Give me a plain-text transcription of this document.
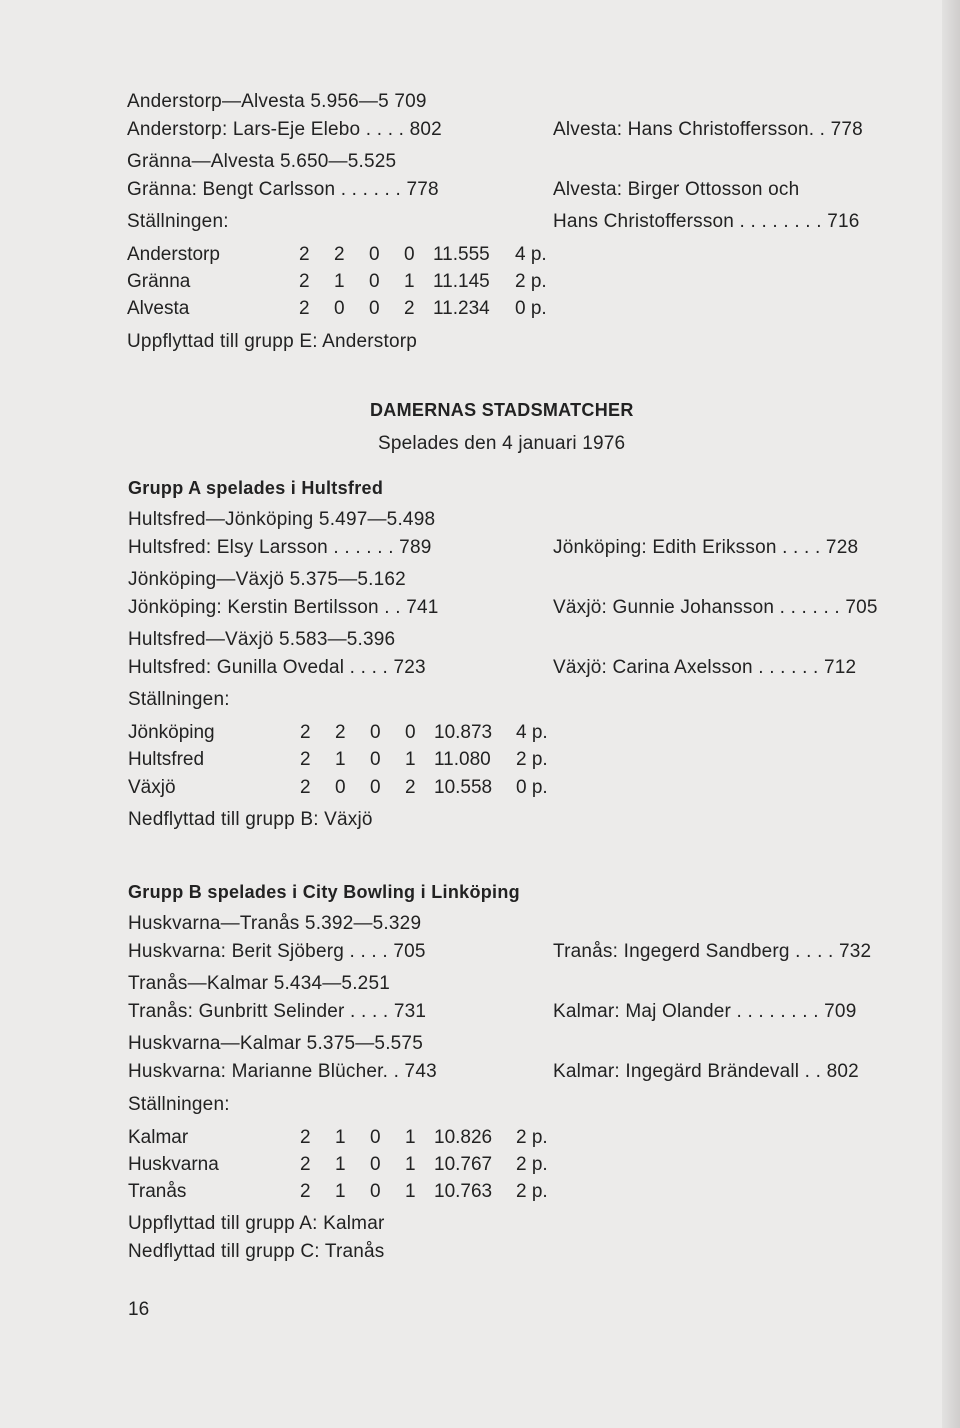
Anderstorp—Alvesta 5.956—5 709
Anderstorp: Lars-Eje Elebo . . . . 802	Alvesta: Hans Christoffersson. . 778
Gränna—Alvesta 5.650—5.525
Gränna: Bengt Carlsson . . . . . . 778	Alvesta: Birger Ottosson och
Ställningen:	Hans Christoffersson . . . . . . . . 716
Anderstorp	2 2 0 0 11.555 4 p.
Gränna	2 1 0 1 11.145 2 p.
Alvesta	2 0 0 2 11.234 0 p.
Uppflyttad till grupp E: Anderstorp
DAMERNAS STADSMATCHER
Spelades den 4 januari 1976
Grupp A spelades i Hultsfred
Hultsfred—Jönköping 5.497—5.498
Hultsfred: Elsy Larsson . . . . . . 789	Jönköping: Edith Eriksson . . . . 728
Jönköping—Växjö 5.375—5.162
Jönköping: Kerstin Bertilsson . . 741	Växjö: Gunnie Johansson . . . . . . 705
Hultsfred—Växjö 5.583—5.396
Hultsfred: Gunilla Ovedal . . . . 723	Växjö: Carina Axelsson . . . . . . 712
Ställningen:
Jönköping	2 2 0 0 10.873 4 p.
Hultsfred	2 1 0 1 11.080 2 p.
Växjö	2 0 0 2 10.558 0 p.
Nedflyttad till grupp B: Växjö
Grupp B spelades i City Bowling i Linköping
Huskvarna—Tranås 5.392—5.329
Huskvarna: Berit Sjöberg . . . . 705	Tranås: Ingegerd Sandberg . . . . 732
Tranås—Kalmar 5.434—5.251
Tranås: Gunbritt Selinder . . . . 731	Kalmar: Maj Olander . . . . . . . . 709
Huskvarna—Kalmar 5.375—5.575
Huskvarna: Marianne Blücher. . 743	Kalmar: Ingegärd Brändevall . . 802
Ställningen:
Kalmar	2 1 0 1 10.826 2 p.
Huskvarna	2 1 0 1 10.767 2 p.
Tranås	2 1 0 1 10.763 2 p.
Uppflyttad till grupp A: Kalmar
Nedflyttad till grupp C: Tranås
16
